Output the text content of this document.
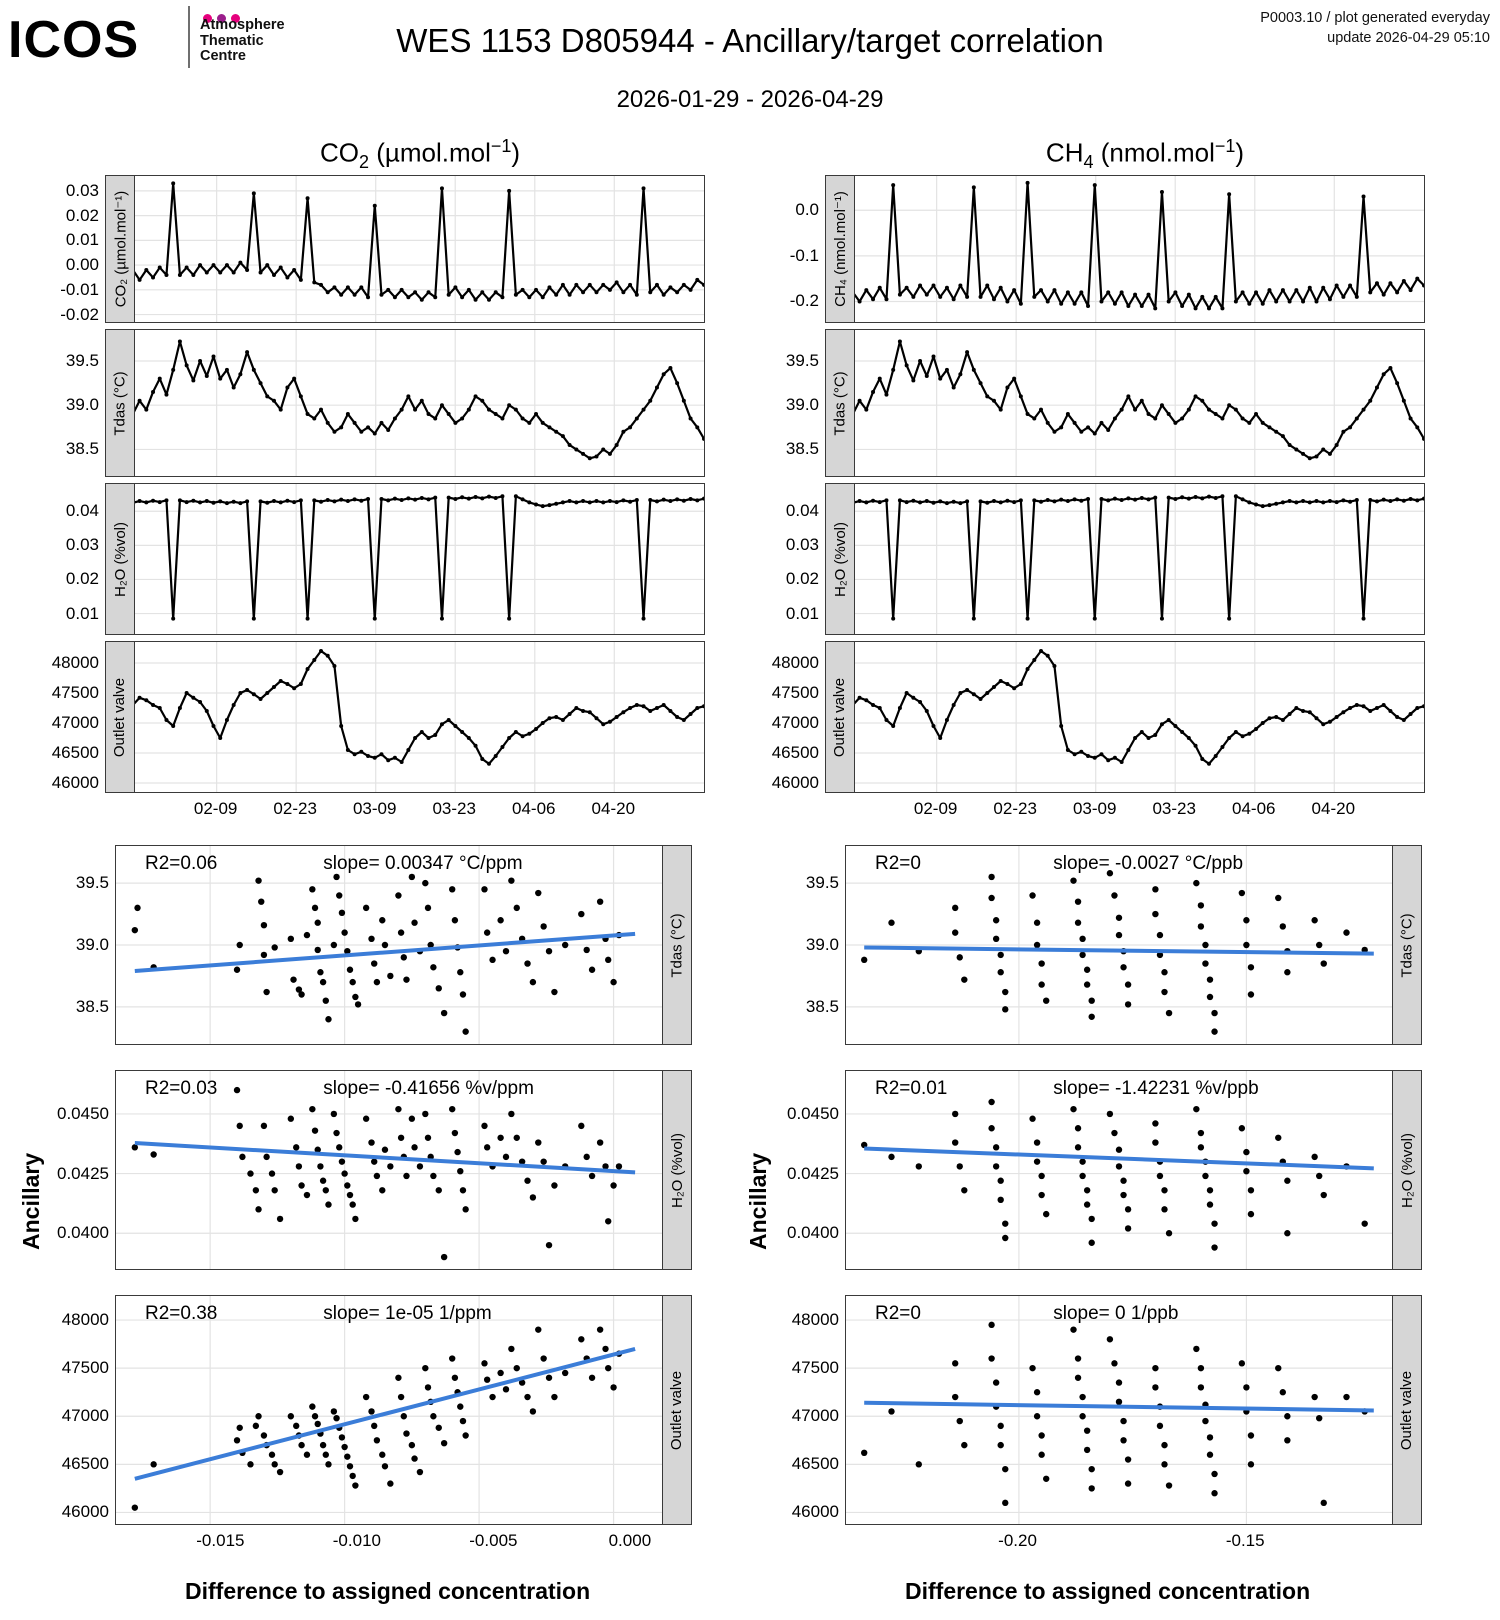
ICOS	Atmosphere
Thematic
Centre	WES 1153 D805944 - Ancillary/target correlation
2026-01-29 - 2026-04-29
P0003.10 / plot generated everyday
update 2026-04-29 05:10
$CO_2$ (µmol.mol$^{-1}$)	$CH_4$ (nmol.mol$^{-1}$)
-0.02
-0.01
0.00
0.01
0.02
0.03
CO₂ (µmol.mol⁻¹)
38.5
39.0
39.5
Tdas (°C)
0.01
0.02
0.03
0.04
H₂O (%vol)
46000
46500
47000
47500
48000
Outlet valve
02-09 02-23 03-09 03-23 04-06 04-20
-0.2
-0.1
0.0 CH₄ (nmol.mol⁻¹)
38.5
39.0
39.5
Tdas (°C)
0.01
0.02
0.03
0.04
H₂O (%vol)
46000
46500
47000
47500
48000
Outlet valve
02-09 02-23 03-09 03-23 04-06 04-20
38.5
39.0
39.5
Tdas (°C)
R2=0.06	slope= 0.00347 °C/ppm
0.0400
0.0425
0.0450
H₂O (%vol)
R2=0.03	slope= -0.41656 %v/ppm
46000
46500
47000
47500
48000
Outlet valve
R2=0.38	slope= 1e-05 1/ppm
-0.015	-0.010	-0.005	0.000
38.5
39.0
39.5
Tdas (°C)
R2=0	slope= -0.0027 °C/ppb
0.0400
0.0425
0.0450
H₂O (%vol)
R2=0.01	slope= -1.42231 %v/ppb
46000
46500
47000
47500
48000
Outlet valve
R2=0	slope= 0 1/ppb
-0.20	-0.15
Ancillary	Ancillary
Difference to assigned concentration	Difference to assigned concentration
